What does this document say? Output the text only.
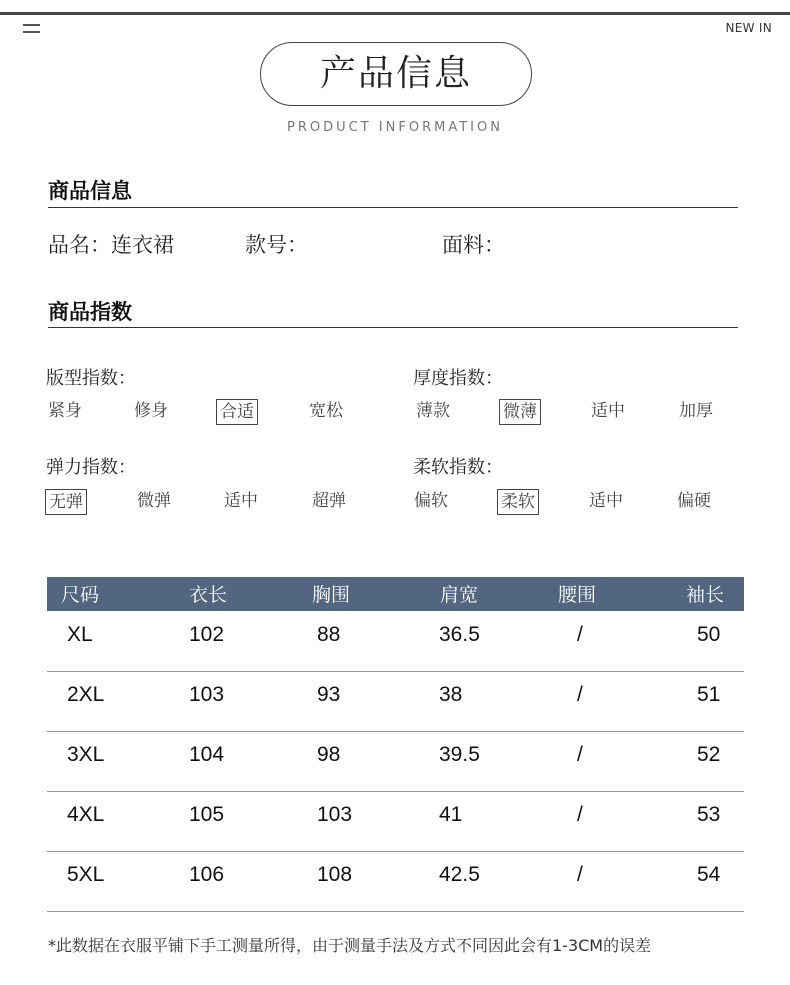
NEW IN
产品信息
PRODUCT INFORMATION
商品信息
品名：连衣裙	款号：	面料：
商品指数
版型指数：
紧身	修身	合适	宽松
厚度指数：
薄款	微薄	适中	加厚
弹力指数：
无弹	微弹	适中	超弹
柔软指数：
偏软	柔软	适中	偏硬
尺码	衣长	胸围	肩宽	腰围	袖长
XL	102	88	36.5	/	50
2XL	103	93	38	/	51
3XL	104	98	39.5	/	52
4XL	105	103	41	/	53
5XL	106	108	42.5	/	54
*此数据在衣服平铺下手工测量所得，由于测量手法及方式不同因此会有1-3CM的误差
